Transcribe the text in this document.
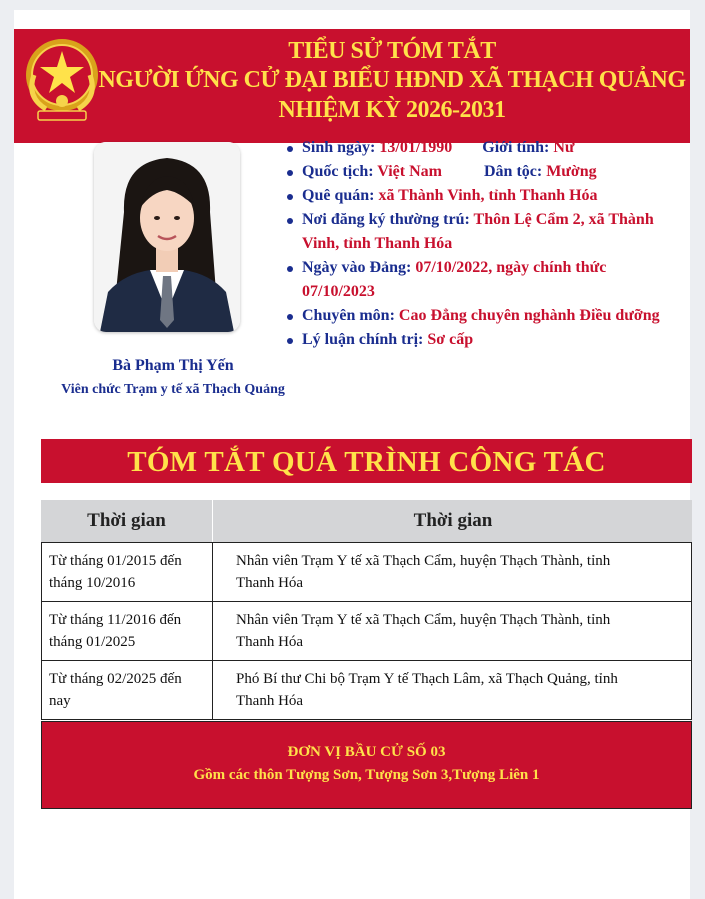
TIỂU SỬ TÓM TẮT
NGƯỜI ỨNG CỬ ĐẠI BIỂU HĐND XÃ THẠCH QUẢNG
NHIỆM KỲ 2026-2031
Bà Phạm Thị Yến
Viên chức Trạm y tế xã Thạch Quảng
Sinh ngày: 13/01/1990 Giới tính: Nữ
Quốc tịch: Việt Nam	Dân tộc: Mường
Quê quán: xã Thành Vinh, tỉnh Thanh Hóa
Nơi đăng ký thường trú: Thôn Lệ Cẩm 2, xã Thành
Vinh, tỉnh Thanh Hóa
Ngày vào Đảng: 07/10/2022, ngày chính thức
07/10/2023
Chuyên môn: Cao Đẳng chuyên nghành Điều dưỡng
Lý luận chính trị: Sơ cấp
TÓM TẮT QUÁ TRÌNH CÔNG TÁC
Thời gian	Thời gian
Từ tháng 01/2015 đến
tháng 10/2016
Nhân viên Trạm Y tế xã Thạch Cẩm, huyện Thạch Thành, tỉnh
Thanh Hóa
Từ tháng 11/2016 đến
tháng 01/2025
Nhân viên Trạm Y tế xã Thạch Cẩm, huyện Thạch Thành, tỉnh
Thanh Hóa
Từ tháng 02/2025 đến nay
Phó Bí thư Chi bộ Trạm Y tế Thạch Lâm, xã Thạch Quảng, tỉnh
Thanh Hóa
ĐƠN VỊ BẦU CỬ SỐ 03
Gồm các thôn Tượng Sơn, Tượng Sơn 3,Tượng Liên 1
